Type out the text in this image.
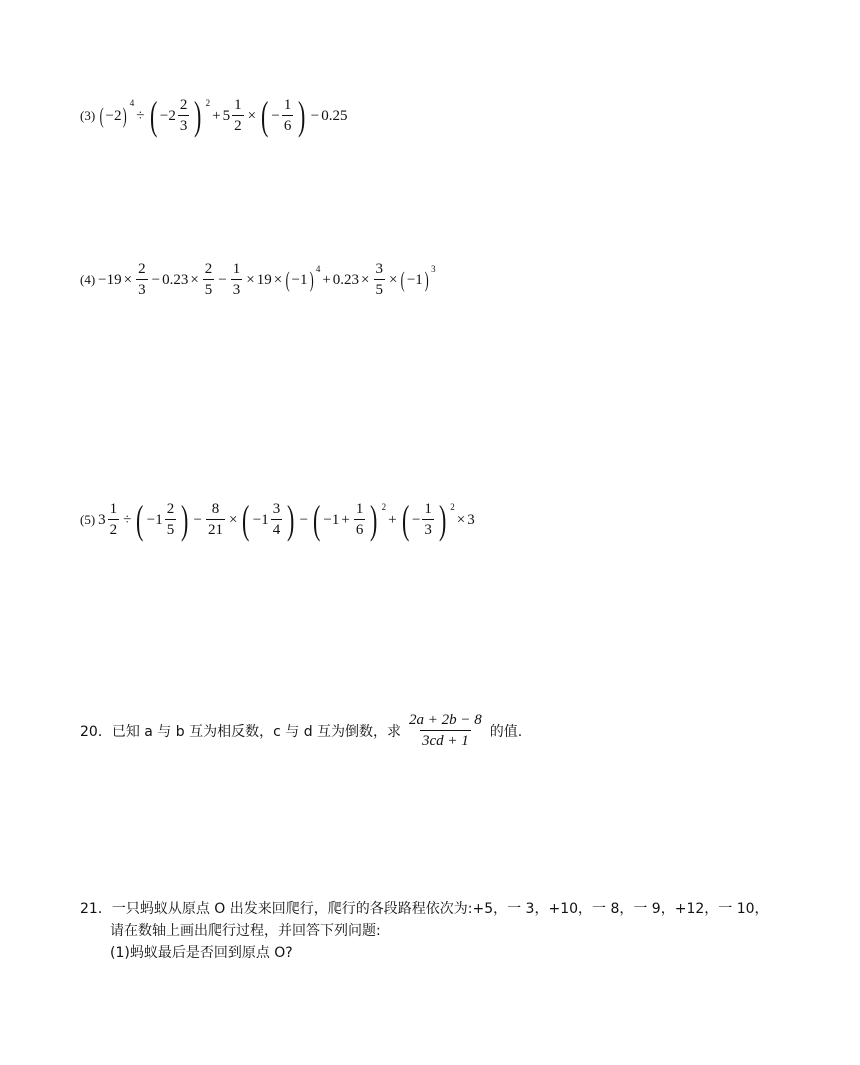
(3) ( −2 ) 4
÷ ( $-2 \frac{2}{3}$ ) 2
+ $5 \frac{1}{2}$ × ( − $\frac{1}{6}$ ) − 0.25
$(4) -19 \times \frac{2}{3} - 0.23 \times \frac{2}{5} - \frac{1}{3} \times 19$ × ( −1 ) 4
+ $0.23 \times \frac{3}{5}$ × ( −1 ) 3
(5) $3 \frac{1}{2}$ ÷ ( $-1 \frac{2}{5}$ ) − $\frac{8}{21}$ × ( $-1 \frac{3}{4}$ ) − ( $-1 + \frac{1}{6}$ ) 2
+ ( − $\frac{1}{3}$ ) 2
× 3
20． 已知 a 与 b 互为相反数，c 与 d 互为倒数，求 $\frac{2a + 2b - 8}{3cd + 1}$ 的值.
21．一只蚂蚁从原点 O 出发来回爬行，爬行的各段路程依次为:+5，一 3，+10，一 8，一 9，+12，一 10，
请在数轴上画出爬行过程，并回答下列问题:
(1)蚂蚁最后是否回到原点 O?
